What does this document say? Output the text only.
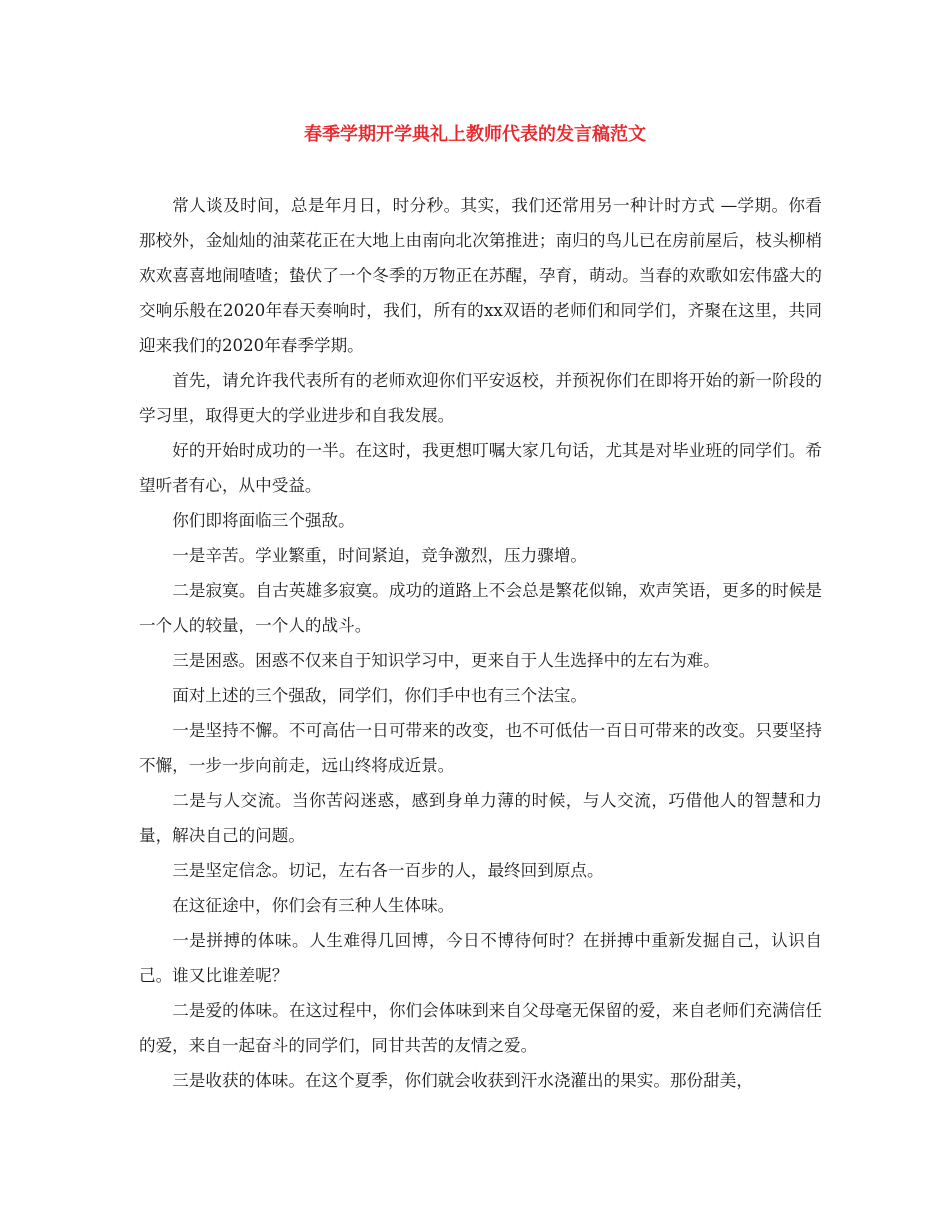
春季学期开学典礼上教师代表的发言稿范文

常人谈及时间，总是年月日，时分秒。其实，我们还常用另一种计时方式 —学期。你看那校外，金灿灿的油菜花正在大地上由南向北次第推进；南归的鸟儿已在房前屋后，枝头柳梢欢欢喜喜地闹喳喳；蛰伏了一个冬季的万物正在苏醒，孕育，萌动。当春的欢歌如宏伟盛大的交响乐般在2020年春天奏响时，我们，所有的xx双语的老师们和同学们，齐聚在这里，共同迎来我们的2020年春季学期。

首先，请允许我代表所有的老师欢迎你们平安返校，并预祝你们在即将开始的新一阶段的学习里，取得更大的学业进步和自我发展。

好的开始时成功的一半。在这时，我更想叮嘱大家几句话，尤其是对毕业班的同学们。希望听者有心，从中受益。

你们即将面临三个强敌。

一是辛苦。学业繁重，时间紧迫，竞争激烈，压力骤增。

二是寂寞。自古英雄多寂寞。成功的道路上不会总是繁花似锦，欢声笑语，更多的时候是一个人的较量，一个人的战斗。

三是困惑。困惑不仅来自于知识学习中，更来自于人生选择中的左右为难。

面对上述的三个强敌，同学们，你们手中也有三个法宝。

一是坚持不懈。不可高估一日可带来的改变，也不可低估一百日可带来的改变。只要坚持不懈，一步一步向前走，远山终将成近景。

二是与人交流。当你苦闷迷惑，感到身单力薄的时候，与人交流，巧借他人的智慧和力量，解决自己的问题。

三是坚定信念。切记，左右各一百步的人，最终回到原点。

在这征途中，你们会有三种人生体味。

一是拼搏的体味。人生难得几回博，今日不博待何时？在拼搏中重新发掘自己，认识自己。谁又比谁差呢？

二是爱的体味。在这过程中，你们会体味到来自父母毫无保留的爱，来自老师们充满信任的爱，来自一起奋斗的同学们，同甘共苦的友情之爱。

三是收获的体味。在这个夏季，你们就会收获到汗水浇灌出的果实。那份甜美，
